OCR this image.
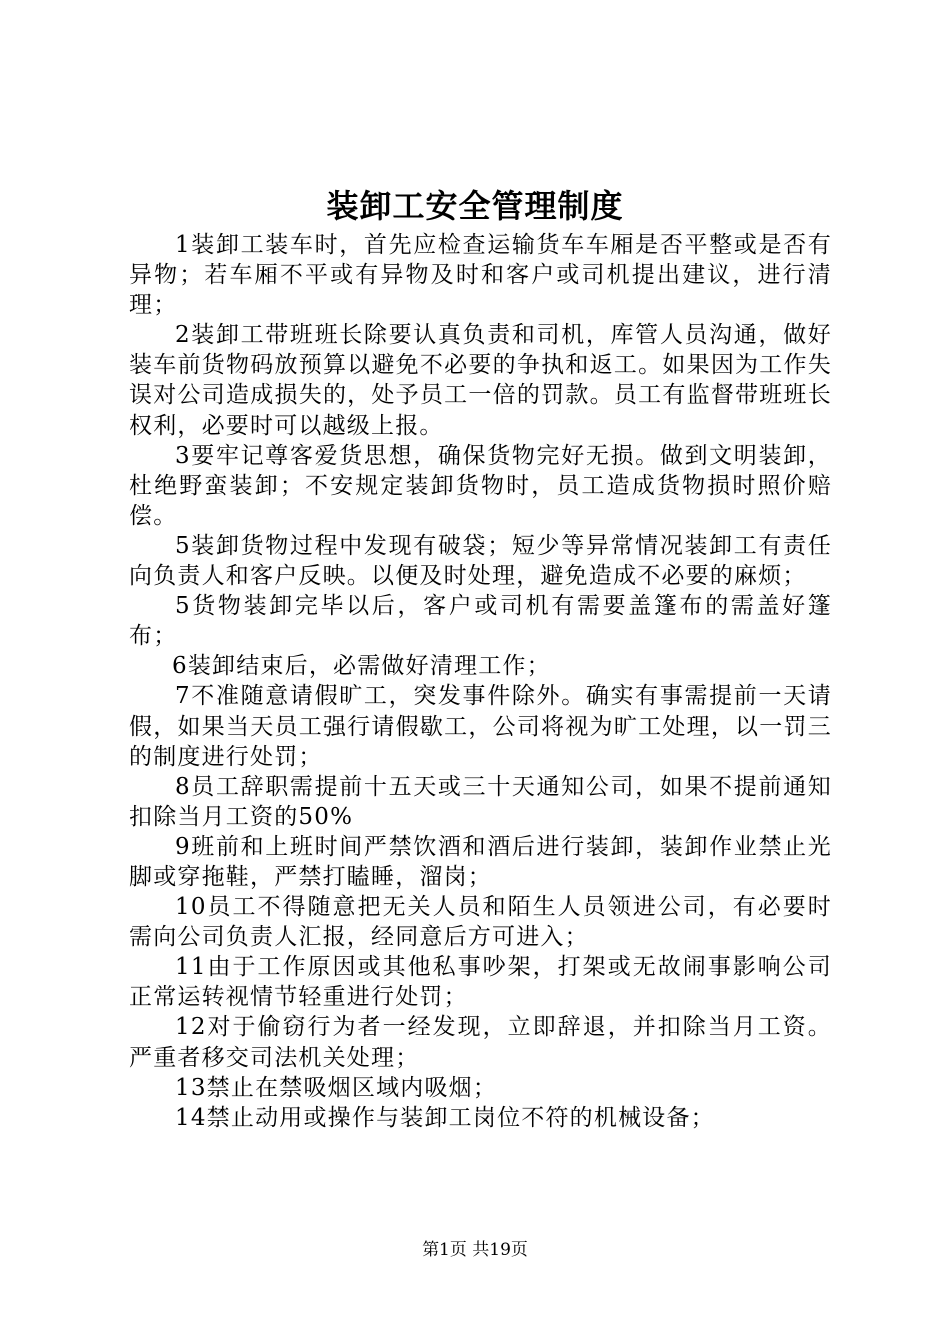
装卸工安全管理制度

1装卸工装车时，首先应检查运输货车车厢是否平整或是否有异物；若车厢不平或有异物及时和客户或司机提出建议，进行清理；

2装卸工带班班长除要认真负责和司机，库管人员沟通，做好装车前货物码放预算以避免不必要的争执和返工。如果因为工作失误对公司造成损失的，处予员工一倍的罚款。员工有监督带班班长权利，必要时可以越级上报。

3要牢记尊客爱货思想，确保货物完好无损。做到文明装卸，杜绝野蛮装卸；不安规定装卸货物时，员工造成货物损时照价赔偿。

5装卸货物过程中发现有破袋；短少等异常情况装卸工有责任向负责人和客户反映。以便及时处理，避免造成不必要的麻烦；

5货物装卸完毕以后，客户或司机有需要盖篷布的需盖好篷布；

6装卸结束后，必需做好清理工作；

7不准随意请假旷工，突发事件除外。确实有事需提前一天请假，如果当天员工强行请假歇工，公司将视为旷工处理，以一罚三的制度进行处罚；

8员工辞职需提前十五天或三十天通知公司，如果不提前通知扣除当月工资的50%

9班前和上班时间严禁饮酒和酒后进行装卸，装卸作业禁止光脚或穿拖鞋，严禁打瞌睡，溜岗；

10员工不得随意把无关人员和陌生人员领进公司，有必要时需向公司负责人汇报，经同意后方可进入；

11由于工作原因或其他私事吵架，打架或无故闹事影响公司正常运转视情节轻重进行处罚；

12对于偷窃行为者一经发现，立即辞退，并扣除当月工资。严重者移交司法机关处理；

13禁止在禁吸烟区域内吸烟；

14禁止动用或操作与装卸工岗位不符的机械设备；

第1页 共19页
